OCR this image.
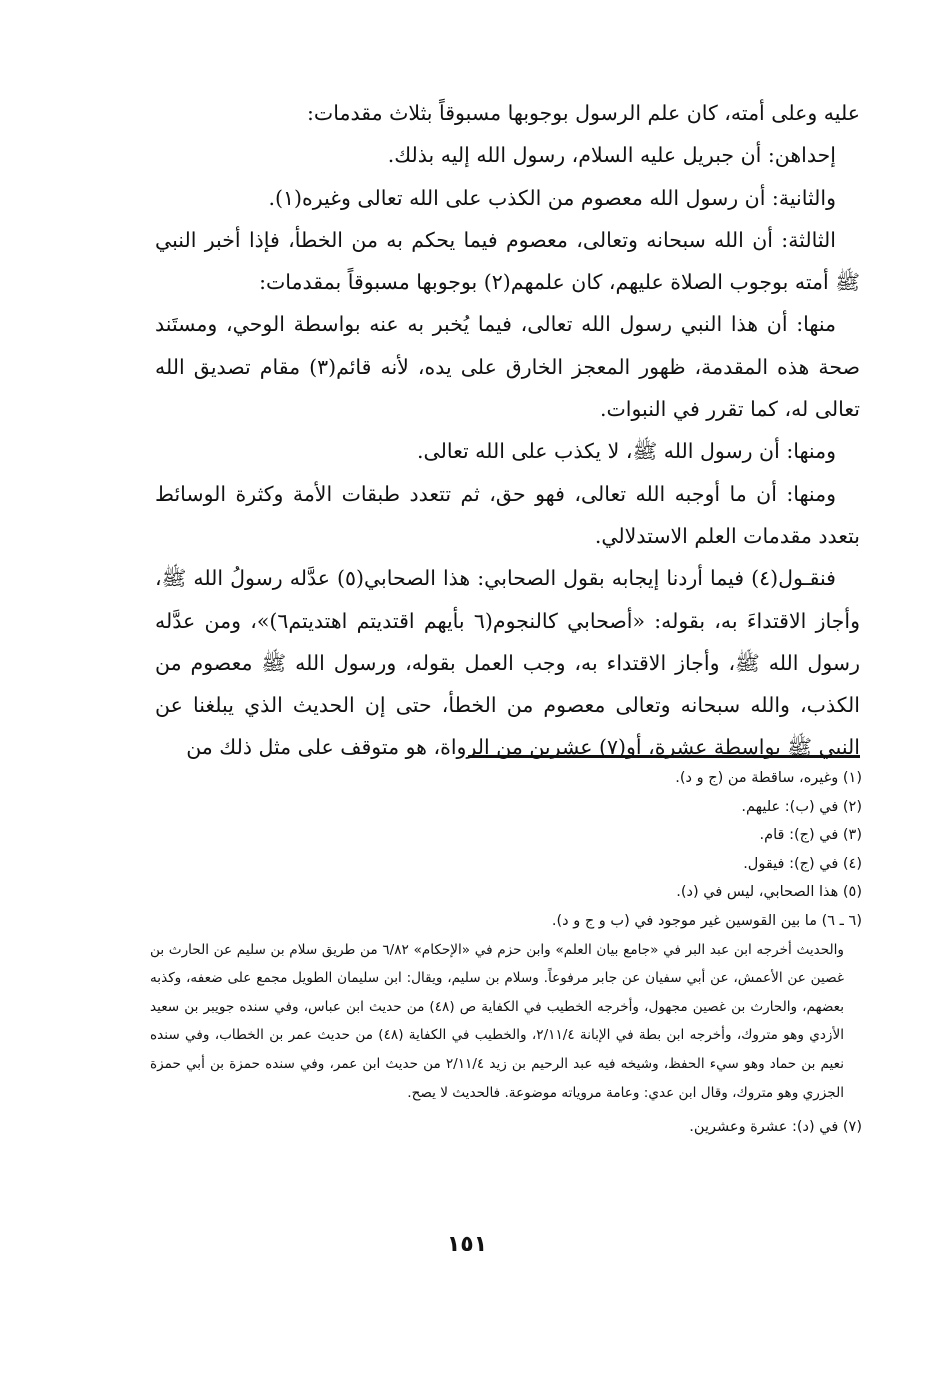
عليه وعلى أمته، كان علم الرسول بوجوبها مسبوقاً بثلاث مقدمات:

إحداهن: أن جبريل عليه السلام، رسول الله إليه بذلك.

والثانية: أن رسول الله معصوم من الكذب على الله تعالى وغيره(١).

الثالثة: أن الله سبحانه وتعالى، معصوم فيما يحكم به من الخطأ، فإذا أخبر النبي ﷺ أمته بوجوب الصلاة عليهم، كان علمهم(٢) بوجوبها مسبوقاً بمقدمات:

منها: أن هذا النبي رسول الله تعالى، فيما يُخبر به عنه بواسطة الوحي، ومستَند صحة هذه المقدمة، ظهور المعجز الخارق على يده، لأنه قائم(٣) مقام تصديق الله تعالى له، كما تقرر في النبوات.

ومنها: أن رسول الله ﷺ، لا يكذب على الله تعالى.

ومنها: أن ما أوجبه الله تعالى، فهو حق، ثم تتعدد طبقات الأمة وكثرة الوسائط بتعدد مقدمات العلم الاستدلالي.

فنقـول(٤) فيما أردنا إيجابه بقول الصحابي: هذا الصحابي(٥) عدَّله رسولُ الله ﷺ، وأجاز الاقتداءَ به، بقوله: «أصحابي كالنجوم(٦ بأيهم اقتديتم اهتديتم٦)»، ومن عدَّله رسول الله ﷺ، وأجاز الاقتداء به، وجب العمل بقوله، ورسول الله ﷺ معصوم من الكذب، والله سبحانه وتعالى معصوم من الخطأ، حتى إن الحديث الذي يبلغنا عن النبي ﷺ بواسطة عشرة، أو(٧) عشرين من الرواة، هو متوقف على مثل ذلك من

(١) وغيره، ساقطة من (ج و د).

(٢) في (ب): عليهم.

(٣) في (ج): قام.

(٤) في (ج): فيقول.

(٥) هذا الصحابي، ليس في (د).

(٦ ـ ٦) ما بين القوسين غير موجود في (ب و ج و د).

والحديث أخرجه ابن عبد البر في «جامع بيان العلم» وابن حزم في «الإحكام» ٦/٨٢ من طريق سلام بن سليم عن الحارث بن غصين عن الأعمش، عن أبي سفيان عن جابر مرفوعاً. وسلام بن سليم، ويقال: ابن سليمان الطويل مجمع على ضعفه، وكذبه بعضهم، والحارث بن غصين مجهول، وأخرجه الخطيب في الكفاية ص (٤٨) من حديث ابن عباس، وفي سنده جويبر بن سعيد الأزدي وهو متروك، وأخرجه ابن بطة في الإبانة ٢/١١/٤، والخطيب في الكفاية (٤٨) من حديث عمر بن الخطاب، وفي سنده نعيم بن حماد وهو سيء الحفظ، وشيخه فيه عبد الرحيم بن زيد ٢/١١/٤ من حديث ابن عمر، وفي سنده حمزة بن أبي حمزة الجزري وهو متروك، وقال ابن عدي: وعامة مروياته موضوعة. فالحديث لا يصح.

(٧) في (د): عشرة وعشرين.

١٥١
